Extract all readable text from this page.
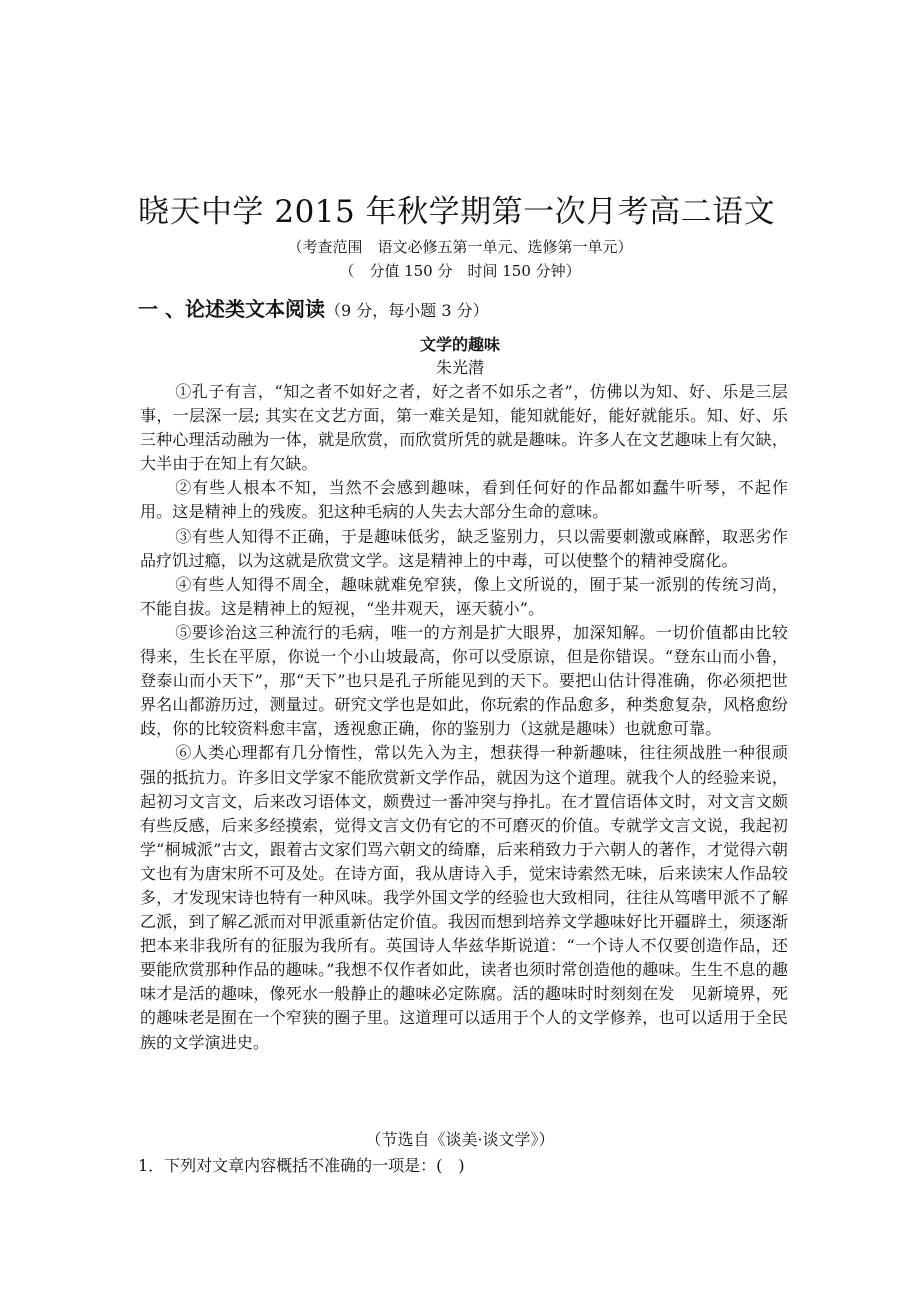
晓天中学 2015 年秋学期第一次月考高二语文
（考查范围　语文必修五第一单元、选修第一单元）
（　分值 150 分　时间 150 分钟）
一 、论述类文本阅读（9 分，每小题 3 分）
文学的趣味
朱光潜

①孔子有言，“知之者不如好之者，好之者不如乐之者”，仿佛以为知、好、乐是三层事，一层深一层; 其实在文艺方面，第一难关是知，能知就能好，能好就能乐。知、好、乐三种心理活动融为一体，就是欣赏，而欣赏所凭的就是趣味。许多人在文艺趣味上有欠缺，大半由于在知上有欠缺。

②有些人根本不知，当然不会感到趣味，看到任何好的作品都如蠢牛听琴，不起作用。这是精神上的残废。犯这种毛病的人失去大部分生命的意味。

③有些人知得不正确，于是趣味低劣，缺乏鉴别力，只以需要刺激或麻醉，取恶劣作品疗饥过瘾，以为这就是欣赏文学。这是精神上的中毒，可以使整个的精神受腐化。

④有些人知得不周全，趣味就难免窄狭，像上文所说的，囿于某一派别的传统习尚，不能自拔。这是精神上的短视，“坐井观天，诬天藐小”。

⑤要诊治这三种流行的毛病，唯一的方剂是扩大眼界，加深知解。一切价值都由比较得来，生长在平原，你说一个小山坡最高，你可以受原谅，但是你错误。“登东山而小鲁，登泰山而小天下”，那“天下”也只是孔子所能见到的天下。要把山估计得准确，你必须把世界名山都游历过，测量过。研究文学也是如此，你玩索的作品愈多，种类愈复杂，风格愈纷歧，你的比较资料愈丰富，透视愈正确，你的鉴别力（这就是趣味）也就愈可靠。

⑥人类心理都有几分惰性，常以先入为主，想获得一种新趣味，往往须战胜一种很顽强的抵抗力。许多旧文学家不能欣赏新文学作品，就因为这个道理。就我个人的经验来说，起初习文言文，后来改习语体文，颇费过一番冲突与挣扎。在才置信语体文时，对文言文颇有些反感，后来多经摸索，觉得文言文仍有它的不可磨灭的价值。专就学文言文说，我起初学“桐城派”古文，跟着古文家们骂六朝文的绮靡，后来稍致力于六朝人的著作，才觉得六朝文也有为唐宋所不可及处。在诗方面，我从唐诗入手，觉宋诗索然无味，后来读宋人作品较多，才发现宋诗也特有一种风味。我学外国文学的经验也大致相同，往往从笃嗜甲派不了解乙派，到了解乙派而对甲派重新估定价值。我因而想到培养文学趣味好比开疆辟土，须逐渐把本来非我所有的征服为我所有。英国诗人华兹华斯说道：“一个诗人不仅要创造作品，还要能欣赏那种作品的趣味。”我想不仅作者如此，读者也须时常创造他的趣味。生生不息的趣味才是活的趣味，像死水一般静止的趣味必定陈腐。活的趣味时时刻刻在发　见新境界，死的趣味老是囿在一个窄狭的圈子里。这道理可以适用于个人的文学修养，也可以适用于全民族的文学演进史。

（节选自《谈美·谈文学》）
1．下列对文章内容概括不准确的一项是：(　)
